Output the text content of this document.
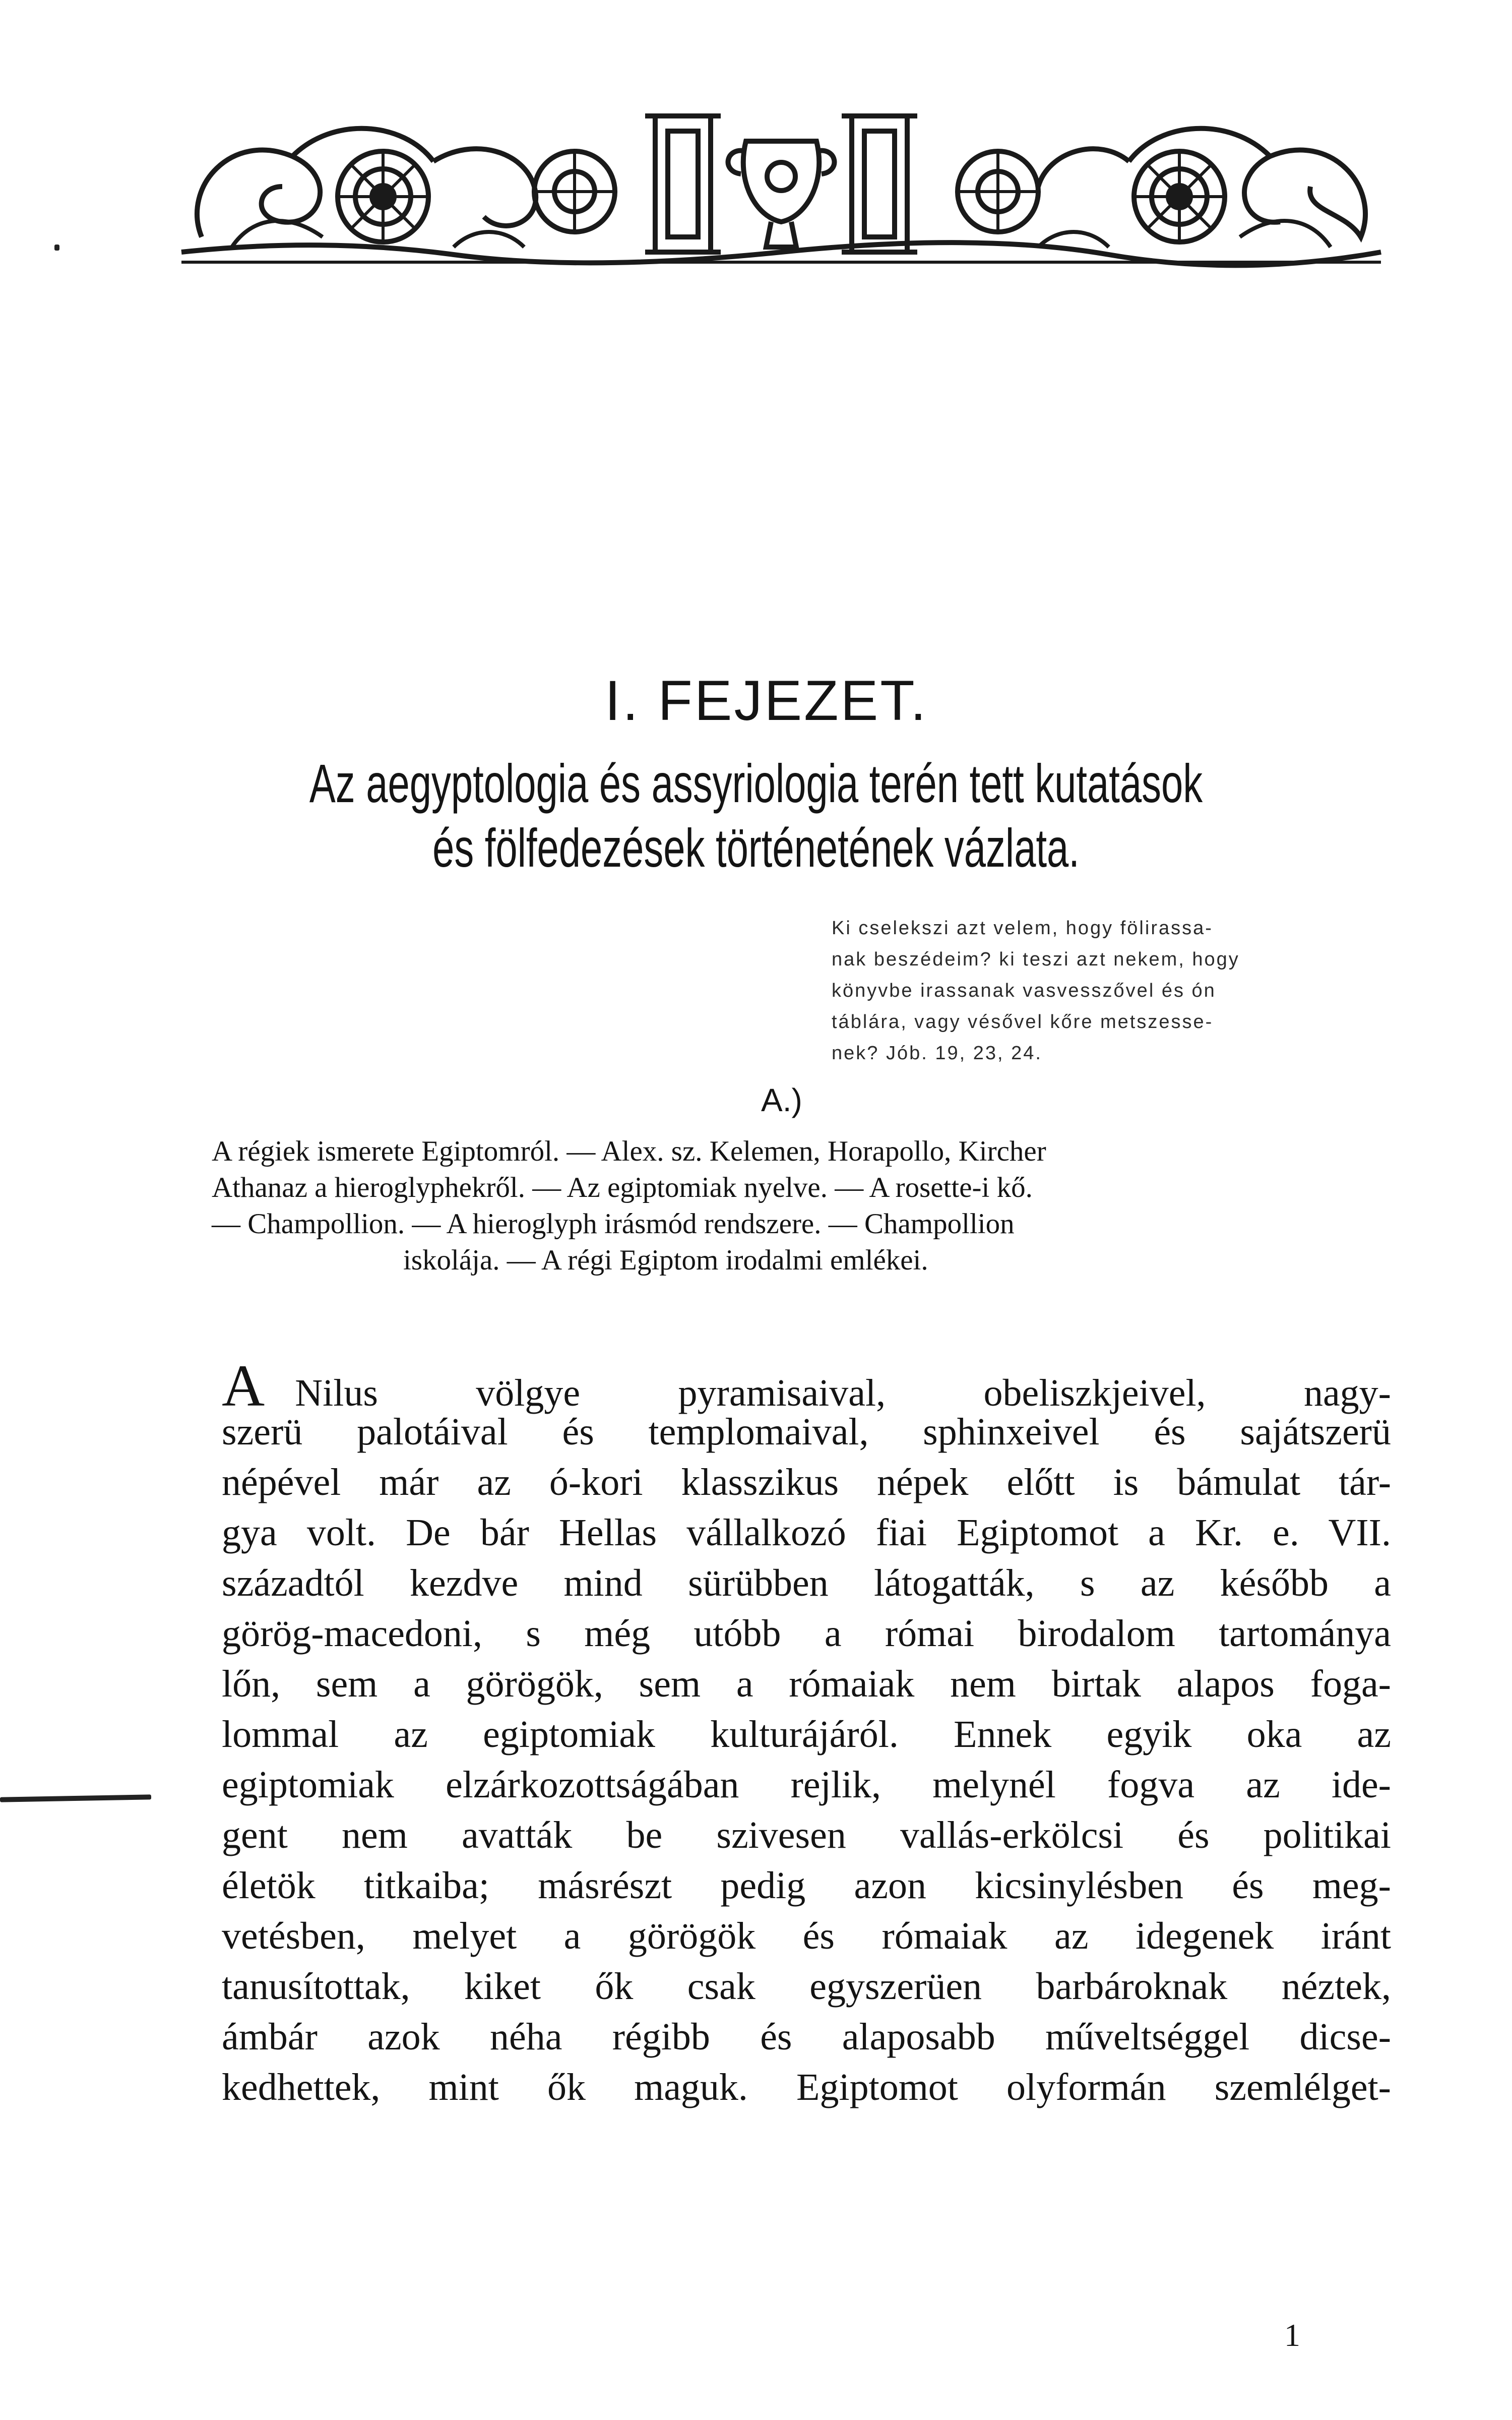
I. FEJEZET.
Az aegyptologia és assyriologia terén tett kutatások
és fölfedezések történetének vázlata.
Ki cselekszi azt velem, hogy fölirassa-
nak beszédeim? ki teszi azt nekem, hogy
könyvbe irassanak vasvesszővel és ón
táblára, vagy vésővel kőre metszesse-
nek? Jób. 19, 23, 24.
A.)
A régiek ismerete Egiptomról. — Alex. sz. Kelemen, Horapollo, Kircher
Athanaz a hieroglyphekről. — Az egiptomiak nyelve. — A rosette-i kő.
— Champollion. — A hieroglyph irásmód rendszere. — Champollion
iskolája. — A régi Egiptom irodalmi emlékei.
A Nilus völgye pyramisaival, obeliszkjeivel, nagy-
szerü palotáival és templomaival, sphinxeivel és sajátszerü
népével már az ó-kori klasszikus népek előtt is bámulat tár-
gya volt. De bár Hellas vállalkozó fiai Egiptomot a Kr. e. VII.
századtól kezdve mind sürübben látogatták, s az később a
görög-macedoni, s még utóbb a római birodalom tartománya
lőn, sem a görögök, sem a rómaiak nem birtak alapos foga-
lommal az egiptomiak kulturájáról. Ennek egyik oka az
egiptomiak elzárkozottságában rejlik, melynél fogva az ide-
gent nem avatták be szivesen vallás-erkölcsi és politikai
életök titkaiba; másrészt pedig azon kicsinylésben és meg-
vetésben, melyet a görögök és rómaiak az idegenek iránt
tanusítottak, kiket ők csak egyszerüen barbároknak néztek,
ámbár azok néha régibb és alaposabb műveltséggel dicse-
kedhettek, mint ők maguk. Egiptomot olyformán szemlélget-
1
